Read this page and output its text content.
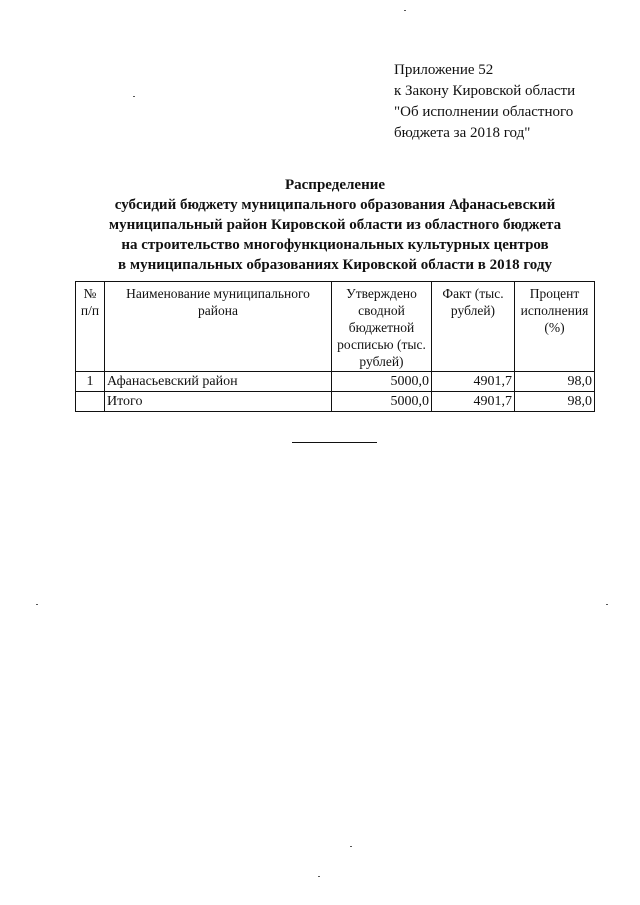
Приложение 52
к Закону Кировской области
"Об исполнении областного
бюджета за 2018 год"
Распределение
субсидий бюджету муниципального образования Афанасьевский
муниципальный район Кировской области из областного бюджета
на строительство многофункциональных культурных центров
в муниципальных образованиях Кировской области в 2018 году
№ п/п	Наименование муниципального района	Утверждено сводной бюджетной росписью (тыс. рублей)	Факт (тыс. рублей)	Процент исполнения (%)
1	Афанасьевский район	5000,0	4901,7	98,0
	Итого	5000,0	4901,7	98,0
